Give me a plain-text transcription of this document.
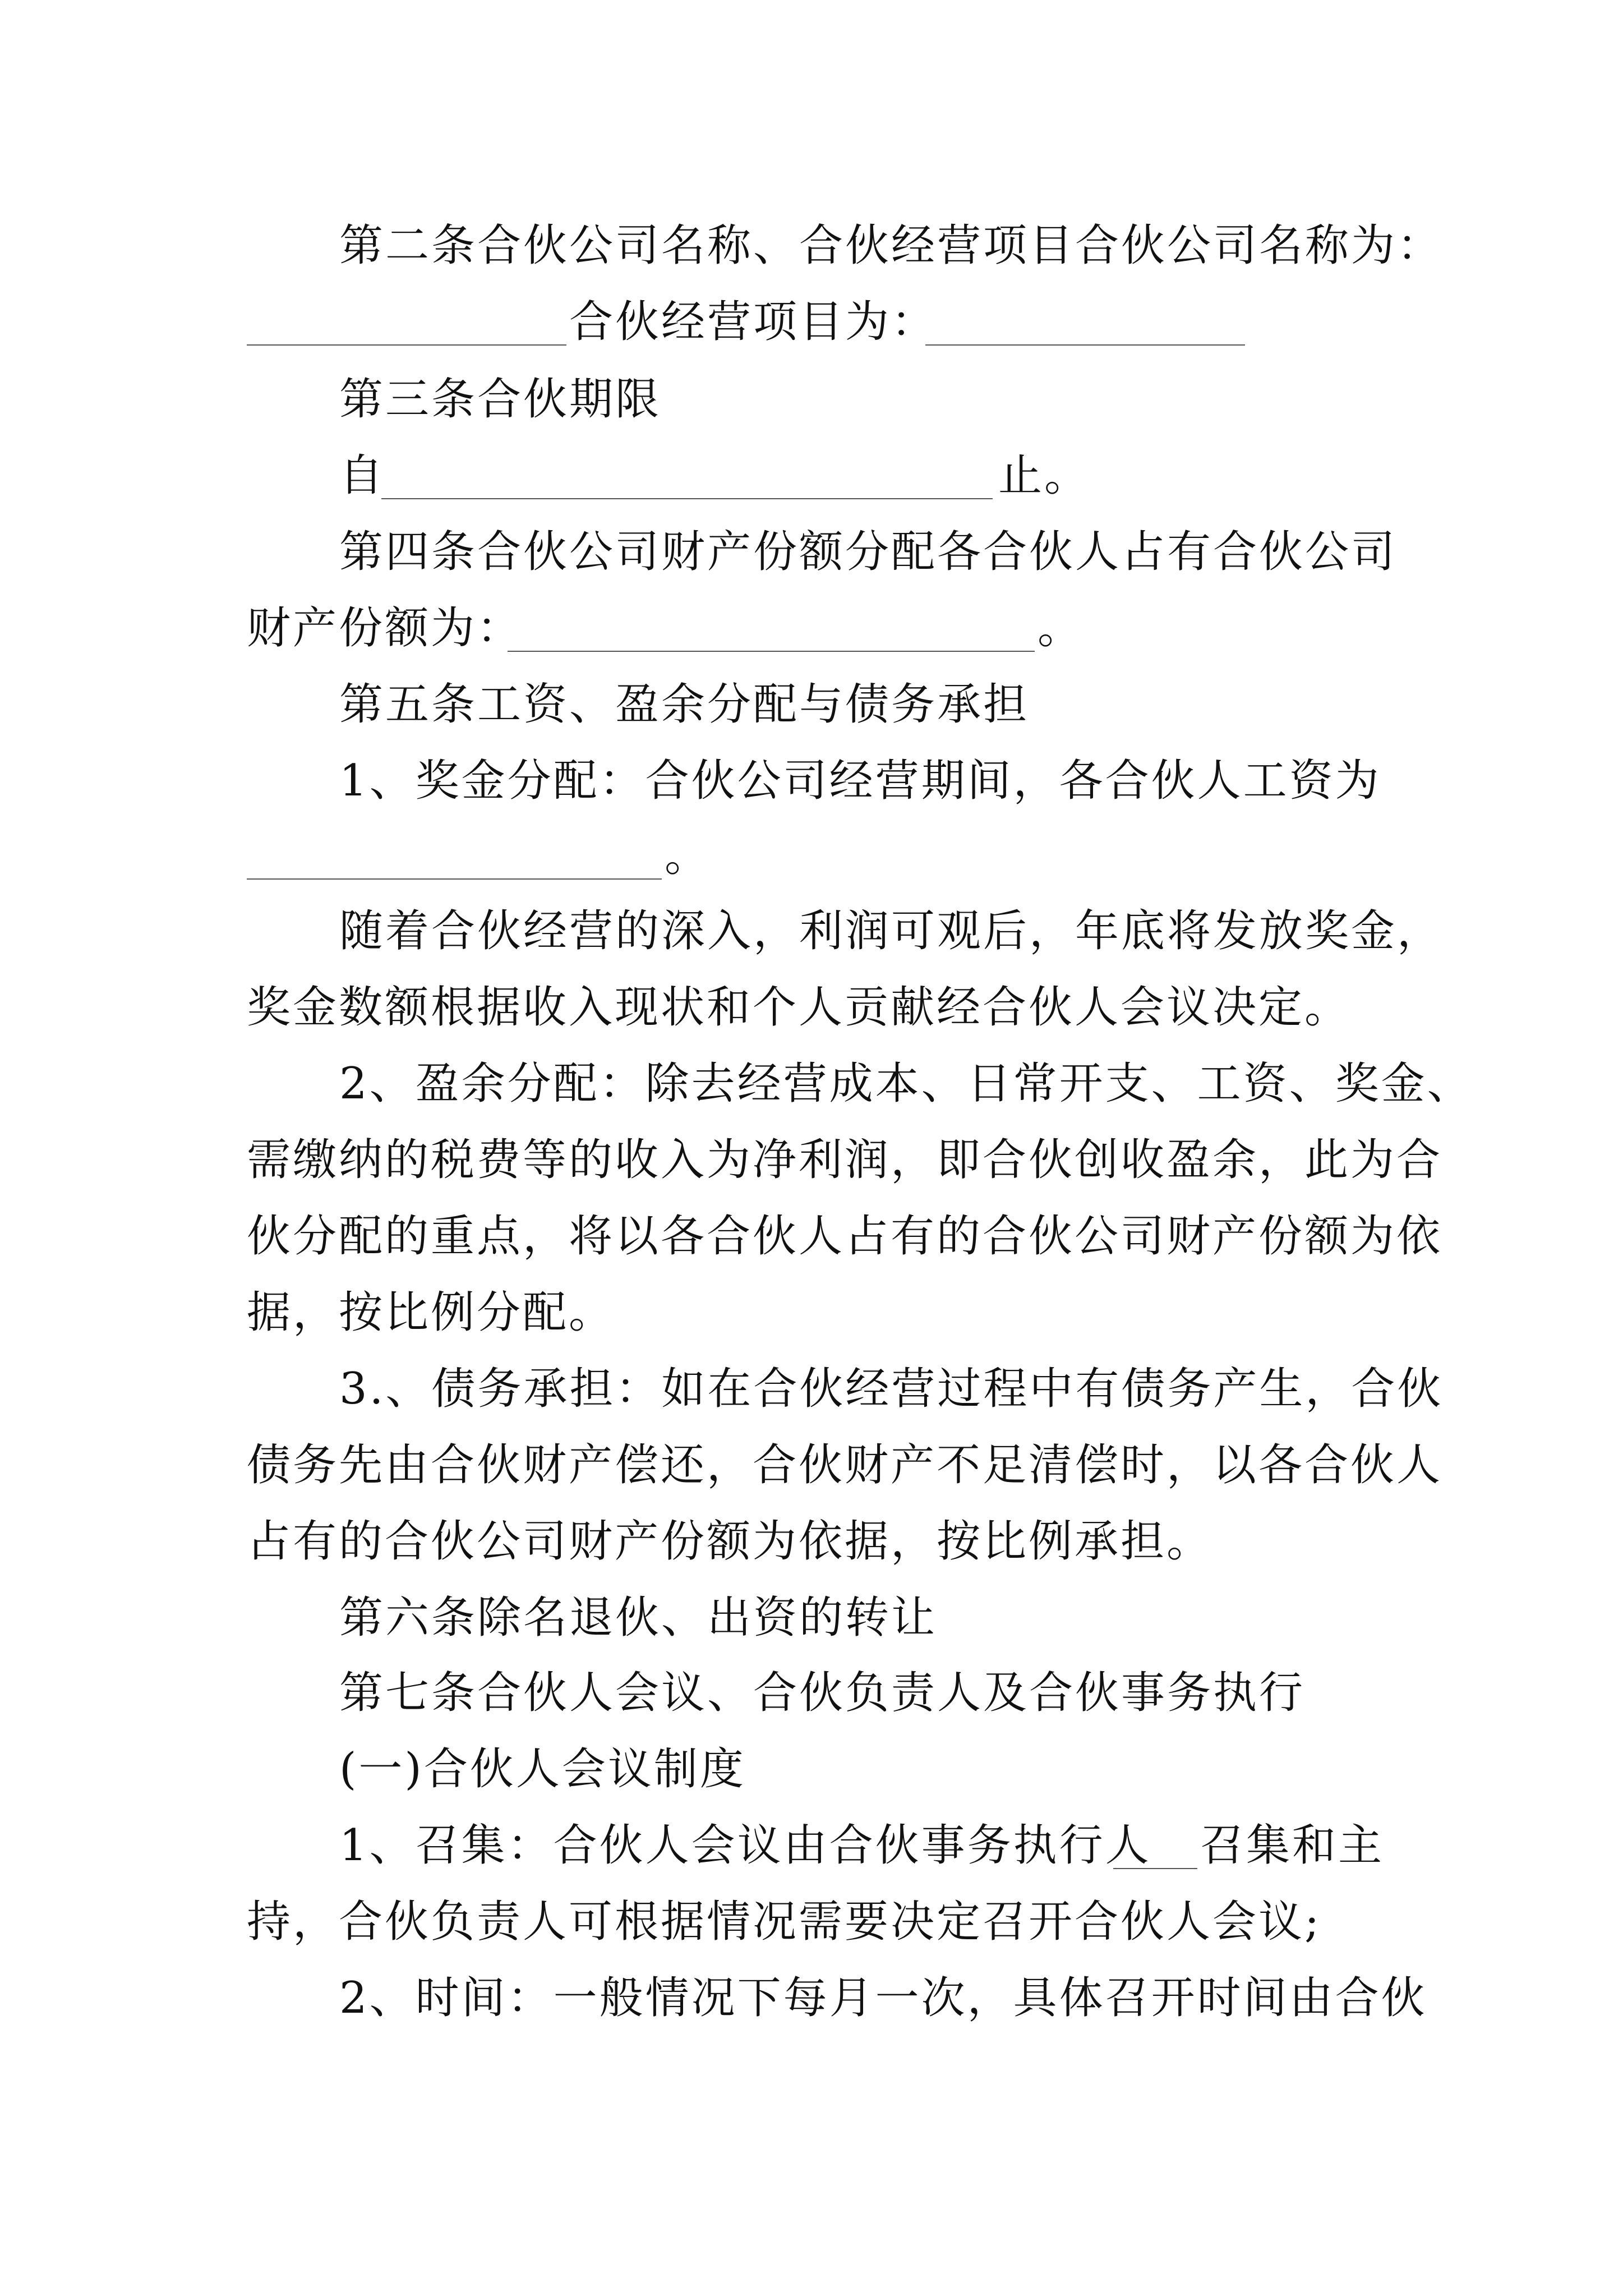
第二条合伙公司名称、合伙经营项目合伙公司名称为：
合伙经营项目为：
第三条合伙期限
自	止。
第四条合伙公司财产份额分配各合伙人占有合伙公司
财产份额为：	。
第五条工资、盈余分配与债务承担
1、奖金分配：合伙公司经营期间，各合伙人工资为
。
随着合伙经营的深入，利润可观后，年底将发放奖金，
奖金数额根据收入现状和个人贡献经合伙人会议决定。
2、盈余分配：除去经营成本、日常开支、工资、奖金、
需缴纳的税费等的收入为净利润，即合伙创收盈余，此为合
伙分配的重点，将以各合伙人占有的合伙公司财产份额为依
据，按比例分配。
3.、债务承担：如在合伙经营过程中有债务产生，合伙
债务先由合伙财产偿还，合伙财产不足清偿时，以各合伙人
占有的合伙公司财产份额为依据，按比例承担。
第六条除名退伙、出资的转让
第七条合伙人会议、合伙负责人及合伙事务执行
(一)合伙人会议制度
1、召集：合伙人会议由合伙事务执行人 召集和主
持，合伙负责人可根据情况需要决定召开合伙人会议;
2、时间：一般情况下每月一次，具体召开时间由合伙
